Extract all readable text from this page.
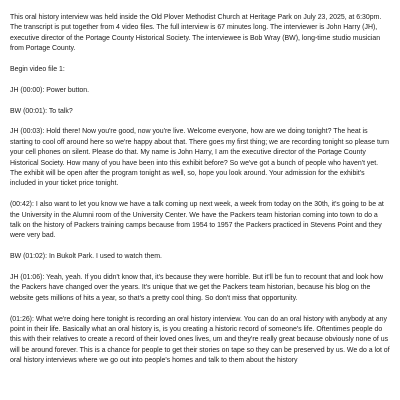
This oral history interview was held inside the Old Plover Methodist Church at Heritage Park on July 23, 2025, at 6:30pm. The transcript is put together from 4 video files. The full interview is 67 minutes long. The interviewer is John Harry (JH), executive director of the Portage County Historical Society. The interviewee is Bob Wray (BW), long-time studio musician from Portage County.

Begin video file 1:

JH (00:00): Power button.

BW (00:01): To talk?

JH (00:03): Hold there! Now you're good, now you're live. Welcome everyone, how are we doing tonight? The heat is starting to cool off around here so we're happy about that. There goes my first thing; we are recording tonight so please turn your cell phones on silent. Please do that. My name is John Harry, I am the executive director of the Portage County Historical Society. How many of you have been into this exhibit before? So we've got a bunch of people who haven't yet. The exhibit will be open after the program tonight as well, so, hope you look around. Your admission for the exhibit's included in your ticket price tonight.

(00:42): I also want to let you know we have a talk coming up next week, a week from today on the 30th, it's going to be at the University in the Alumni room of the University Center. We have the Packers team historian coming into town to do a talk on the history of Packers training camps because from 1954 to 1957 the Packers practiced in Stevens Point and they were very bad.

BW (01:02): In Bukolt Park. I used to watch them.

JH (01:06): Yeah, yeah. If you didn't know that, it's because they were horrible. But it'll be fun to recount that and look how the Packers have changed over the years. It's unique that we get the Packers team historian, because his blog on the website gets millions of hits a year, so that's a pretty cool thing. So don't miss that opportunity.

(01:26): What we're doing here tonight is recording an oral history interview. You can do an oral history with anybody at any point in their life. Basically what an oral history is, is you creating a historic record of someone's life. Oftentimes people do this with their relatives to create a record of their loved ones lives, um and they're really great because obviously none of us will be around forever. This is a chance for people to get their stories on tape so they can be preserved by us. We do a lot of oral history interviews where we go out into people's homes and talk to them about the history
